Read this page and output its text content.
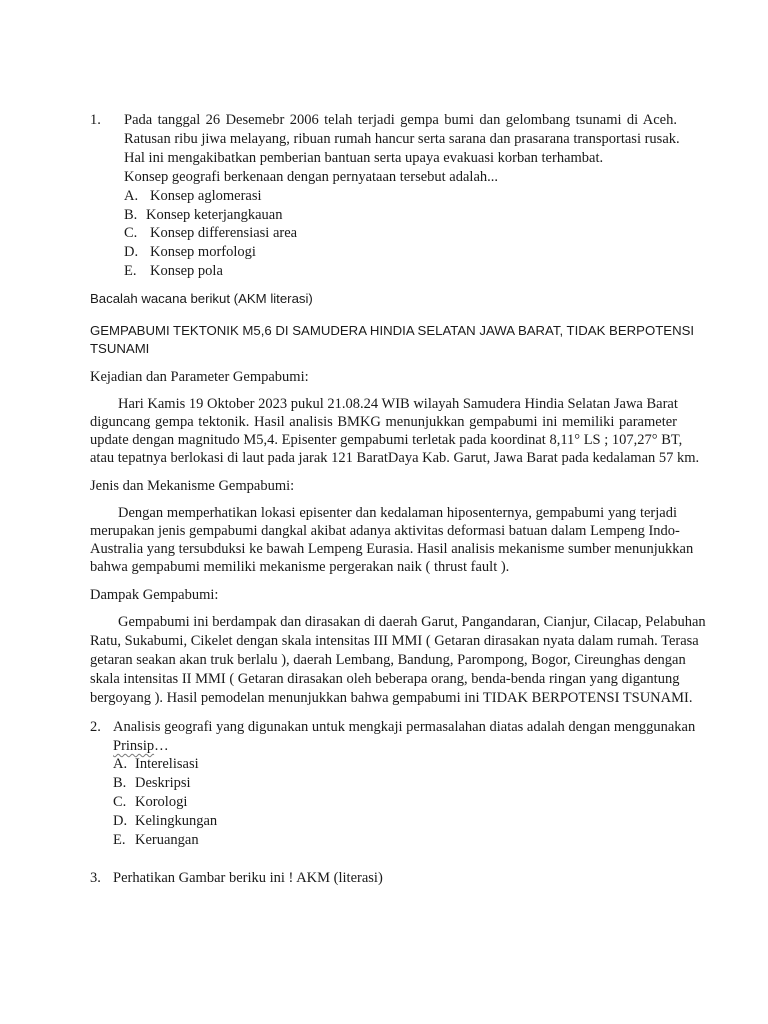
1. Pada tanggal 26 Desemebr 2006 telah terjadi gempa bumi dan gelombang tsunami di Aceh.
Ratusan ribu jiwa melayang, ribuan rumah hancur serta sarana dan prasarana transportasi rusak.
Hal ini mengakibatkan pemberian bantuan serta upaya evakuasi korban terhambat.
Konsep geografi berkenaan dengan pernyataan tersebut adalah...
A. Konsep aglomerasi
B. Konsep keterjangkauan
C. Konsep differensiasi area
D. Konsep morfologi
E. Konsep pola
Bacalah wacana berikut (AKM literasi)
GEMPABUMI TEKTONIK M5,6 DI SAMUDERA HINDIA SELATAN JAWA BARAT, TIDAK BERPOTENSI
TSUNAMI
Kejadian dan Parameter Gempabumi:
Hari Kamis 19 Oktober 2023 pukul 21.08.24 WIB wilayah Samudera Hindia Selatan Jawa Barat
diguncang gempa tektonik. Hasil analisis BMKG menunjukkan gempabumi ini memiliki parameter
update dengan magnitudo M5,4. Episenter gempabumi terletak pada koordinat 8,11° LS ; 107,27° BT,
atau tepatnya berlokasi di laut pada jarak 121 BaratDaya Kab. Garut, Jawa Barat pada kedalaman 57 km.
Jenis dan Mekanisme Gempabumi:
Dengan memperhatikan lokasi episenter dan kedalaman hiposenternya, gempabumi yang terjadi
merupakan jenis gempabumi dangkal akibat adanya aktivitas deformasi batuan dalam Lempeng Indo-
Australia yang tersubduksi ke bawah Lempeng Eurasia. Hasil analisis mekanisme sumber menunjukkan
bahwa gempabumi memiliki mekanisme pergerakan naik ( thrust fault ).
Dampak Gempabumi:
Gempabumi ini berdampak dan dirasakan di daerah Garut, Pangandaran, Cianjur, Cilacap, Pelabuhan
Ratu, Sukabumi, Cikelet dengan skala intensitas III MMI ( Getaran dirasakan nyata dalam rumah. Terasa
getaran seakan akan truk berlalu ), daerah Lembang, Bandung, Parompong, Bogor, Cireunghas dengan
skala intensitas II MMI ( Getaran dirasakan oleh beberapa orang, benda-benda ringan yang digantung
bergoyang ). Hasil pemodelan menunjukkan bahwa gempabumi ini TIDAK BERPOTENSI TSUNAMI.
2. Analisis geografi yang digunakan untuk mengkaji permasalahan diatas adalah dengan menggunakan
Prinsip…
A. Interelisasi
B. Deskripsi
C. Korologi
D. Kelingkungan
E. Keruangan
3. Perhatikan Gambar beriku ini ! AKM (literasi)
